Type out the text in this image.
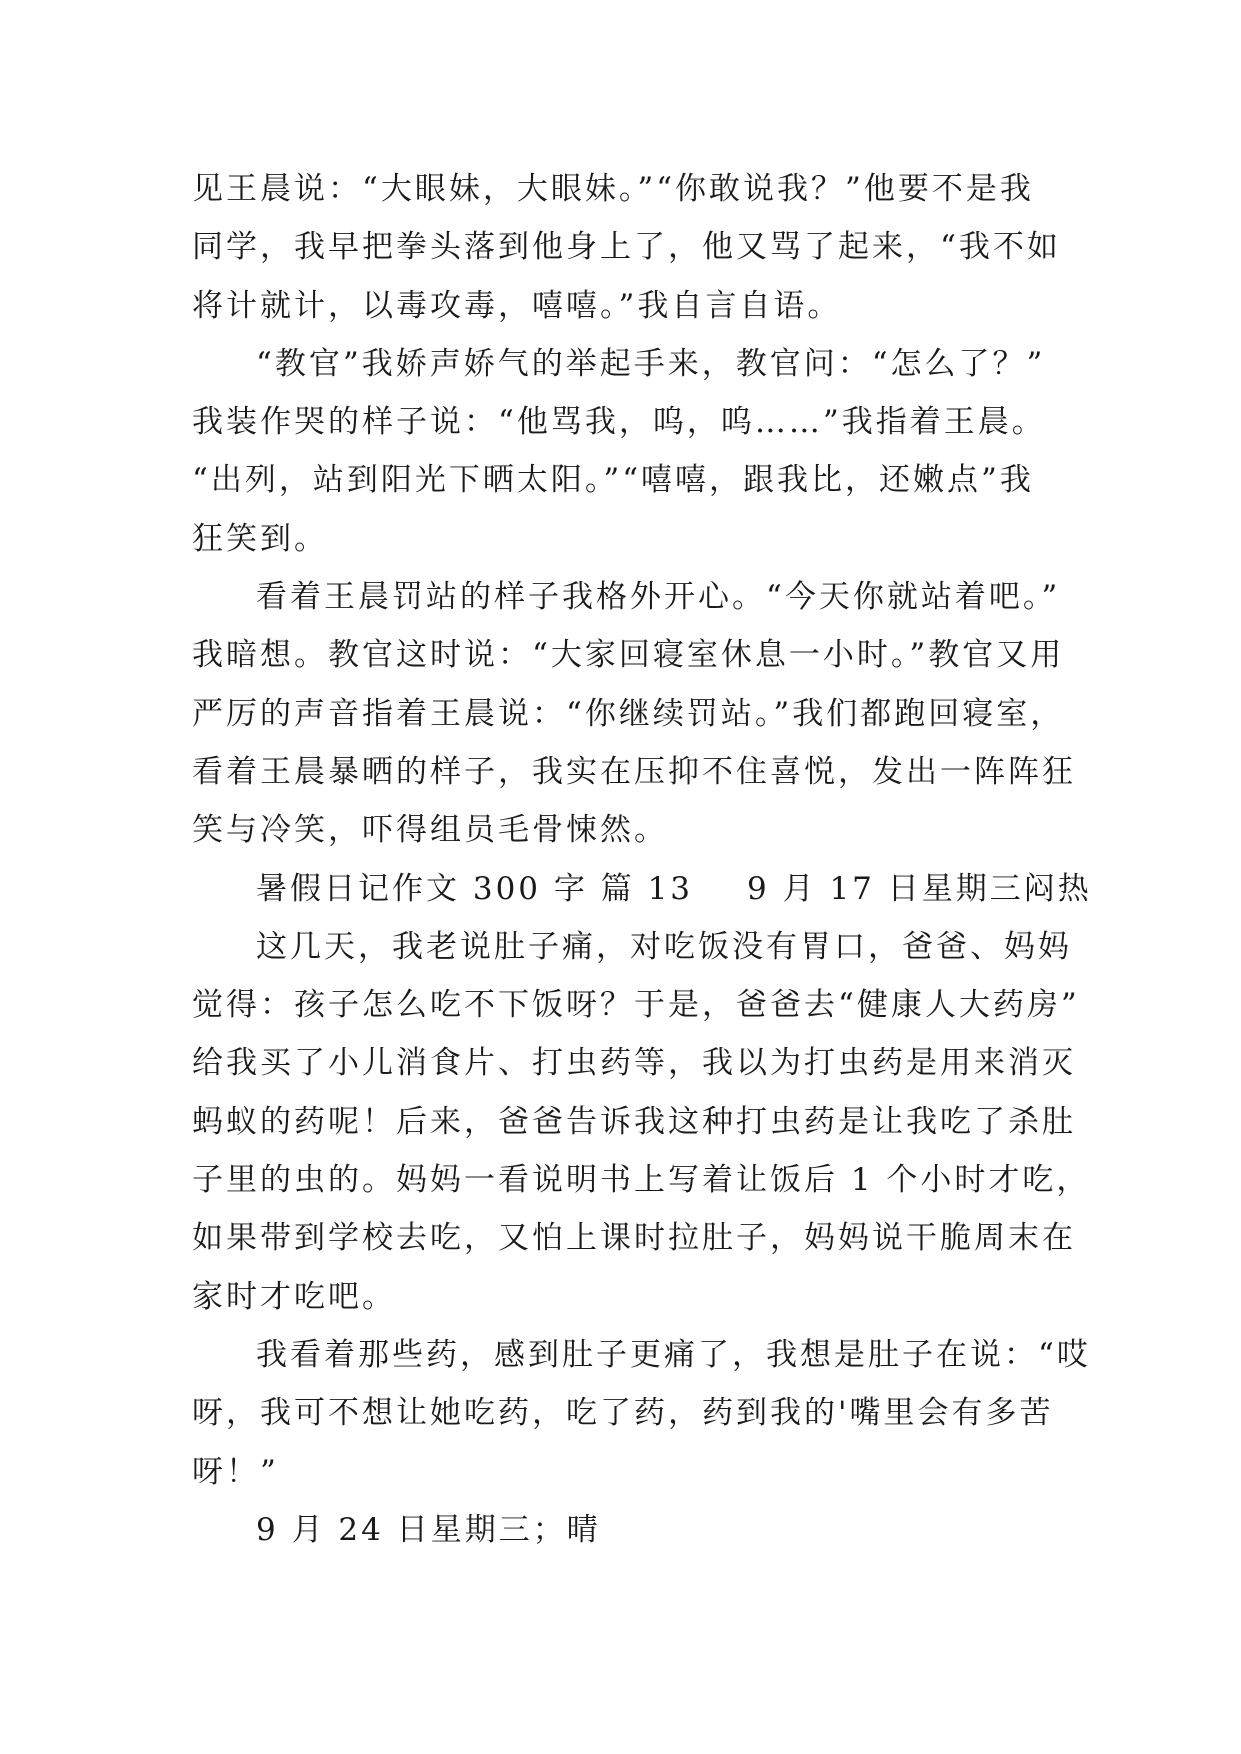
见王晨说：“大眼妹，大眼妹。”“你敢说我？”他要不是我
同学，我早把拳头落到他身上了，他又骂了起来，“我不如
将计就计，以毒攻毒，嘻嘻。”我自言自语。
“教官”我娇声娇气的举起手来，教官问：“怎么了？”
我装作哭的样子说：“他骂我，呜，呜……”我指着王晨。
“出列，站到阳光下晒太阳。”“嘻嘻，跟我比，还嫩点”我
狂笑到。
看着王晨罚站的样子我格外开心。“今天你就站着吧。”
我暗想。教官这时说：“大家回寝室休息一小时。”教官又用
严厉的声音指着王晨说：“你继续罚站。”我们都跑回寝室，
看着王晨暴晒的样子，我实在压抑不住喜悦，发出一阵阵狂
笑与冷笑，吓得组员毛骨悚然。
暑假日记作文 300 字 篇 13 9 月 17 日星期三闷热
这几天，我老说肚子痛，对吃饭没有胃口，爸爸、妈妈
觉得：孩子怎么吃不下饭呀？于是，爸爸去“健康人大药房”
给我买了小儿消食片、打虫药等，我以为打虫药是用来消灭
蚂蚁的药呢！后来，爸爸告诉我这种打虫药是让我吃了杀肚
子里的虫的。妈妈一看说明书上写着让饭后 1 个小时才吃，
如果带到学校去吃，又怕上课时拉肚子，妈妈说干脆周末在
家时才吃吧。
我看着那些药，感到肚子更痛了，我想是肚子在说：“哎
呀，我可不想让她吃药，吃了药，药到我的'嘴里会有多苦
呀！”
9 月 24 日星期三；晴
